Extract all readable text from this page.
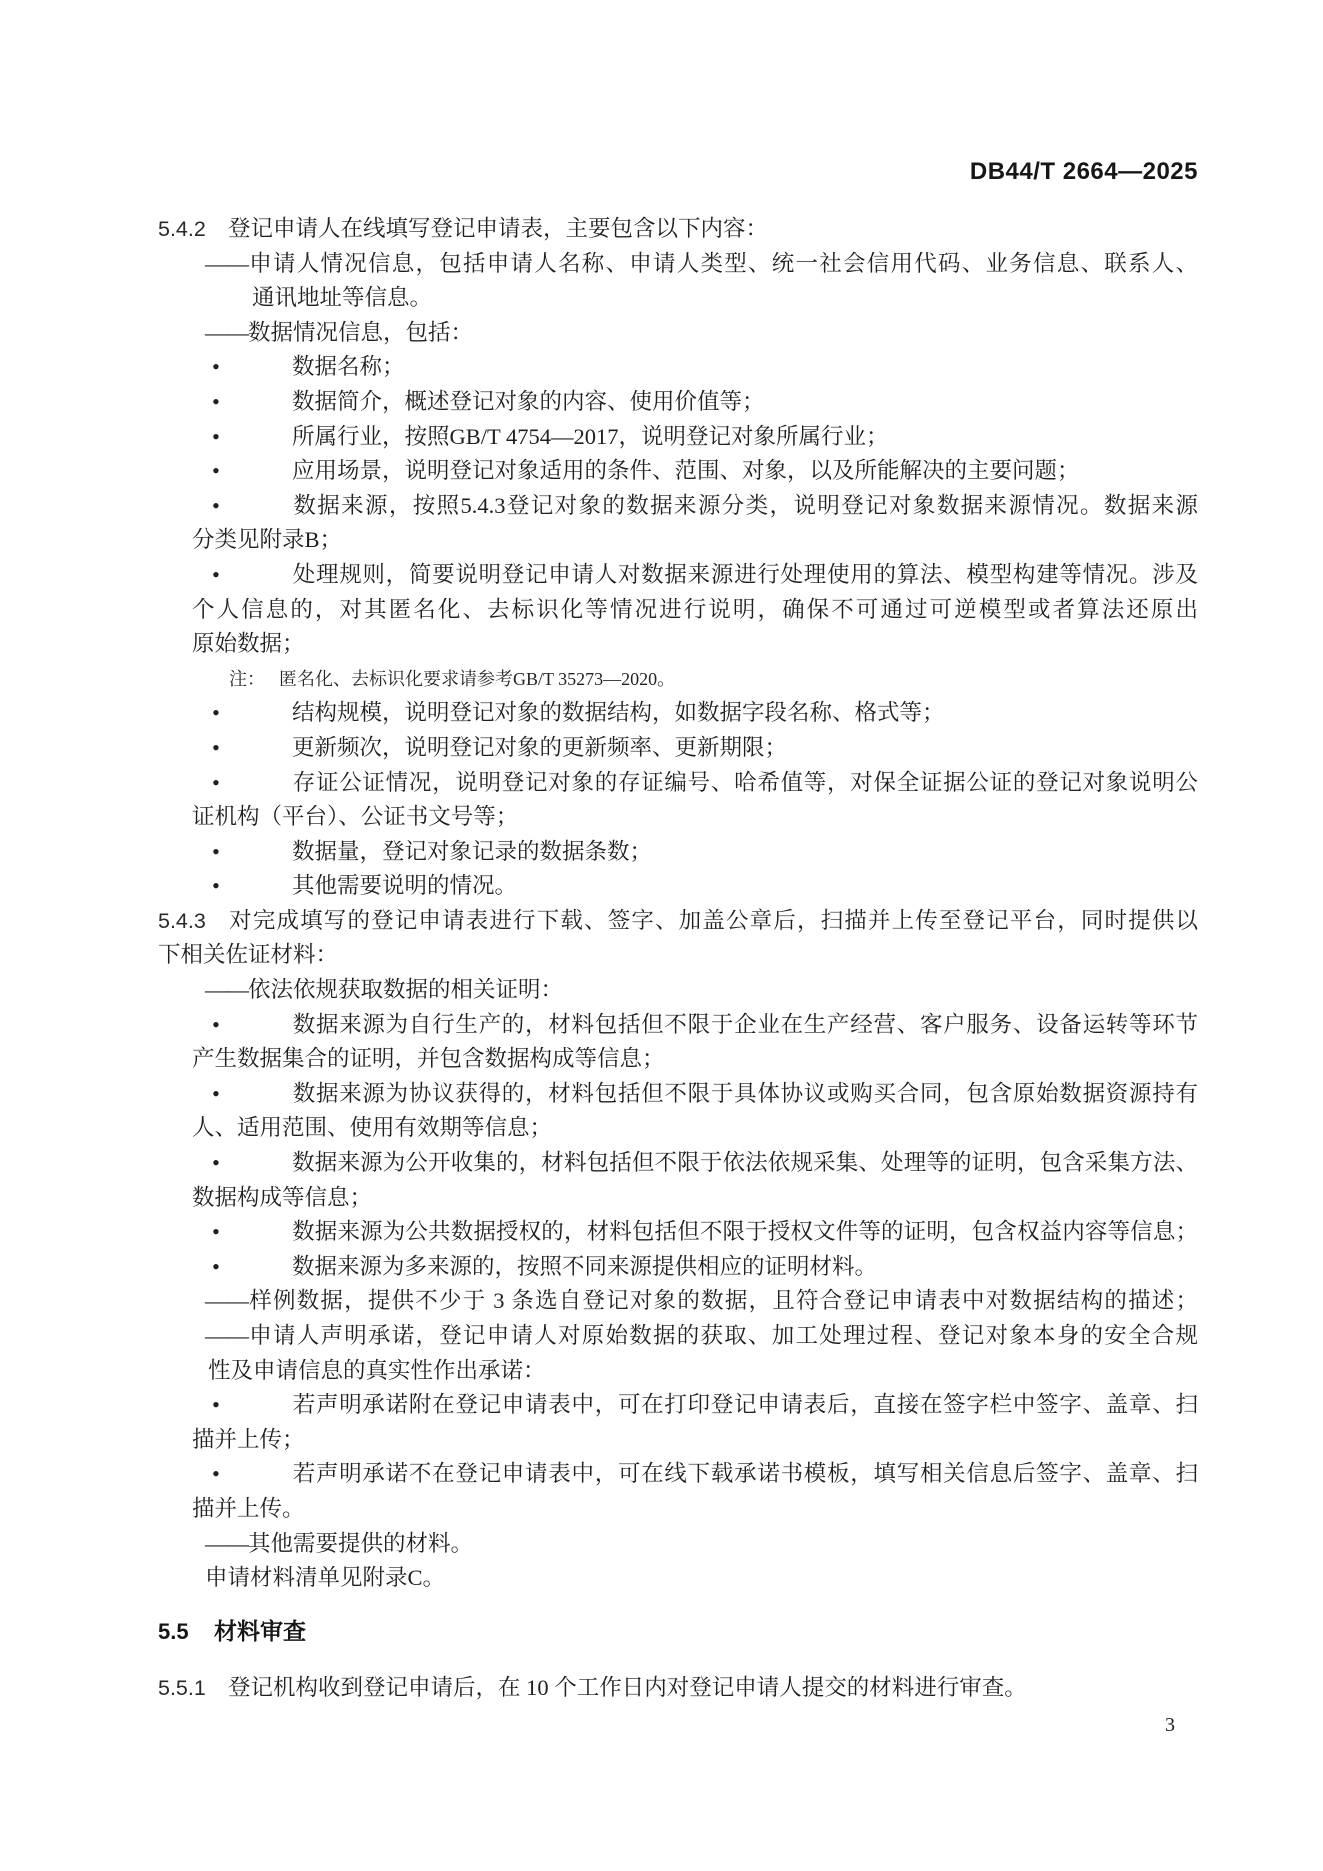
DB44/T 2664—2025
5.4.2 登记申请人在线填写登记申请表，主要包含以下内容：
——申请人情况信息，包括申请人名称、申请人类型、统一社会信用代码、业务信息、联系人、
通讯地址等信息。
——数据情况信息，包括：
•	数据名称；
•	数据简介，概述登记对象的内容、使用价值等；
•	所属行业，按照GB/T 4754—2017，说明登记对象所属行业；
•	应用场景，说明登记对象适用的条件、范围、对象，以及所能解决的主要问题；
•	数据来源，按照5.4.3登记对象的数据来源分类，说明登记对象数据来源情况。数据来源
分类见附录B；
•	处理规则，简要说明登记申请人对数据来源进行处理使用的算法、模型构建等情况。涉及
个人信息的，对其匿名化、去标识化等情况进行说明，确保不可通过可逆模型或者算法还原出
原始数据；
注： 匿名化、去标识化要求请参考GB/T 35273—2020。
•	结构规模，说明登记对象的数据结构，如数据字段名称、格式等；
•	更新频次，说明登记对象的更新频率、更新期限；
•	存证公证情况，说明登记对象的存证编号、哈希值等，对保全证据公证的登记对象说明公
证机构（平台）、公证书文号等；
•	数据量，登记对象记录的数据条数；
•	其他需要说明的情况。
5.4.3 对完成填写的登记申请表进行下载、签字、加盖公章后，扫描并上传至登记平台，同时提供以
下相关佐证材料：
——依法依规获取数据的相关证明：
•	数据来源为自行生产的，材料包括但不限于企业在生产经营、客户服务、设备运转等环节
产生数据集合的证明，并包含数据构成等信息；
•	数据来源为协议获得的，材料包括但不限于具体协议或购买合同，包含原始数据资源持有
人、适用范围、使用有效期等信息；
•	数据来源为公开收集的，材料包括但不限于依法依规采集、处理等的证明，包含采集方法、
数据构成等信息；
•	数据来源为公共数据授权的，材料包括但不限于授权文件等的证明，包含权益内容等信息；
•	数据来源为多来源的，按照不同来源提供相应的证明材料。
——样例数据，提供不少于 3 条选自登记对象的数据，且符合登记申请表中对数据结构的描述；
——申请人声明承诺，登记申请人对原始数据的获取、加工处理过程、登记对象本身的安全合规
性及申请信息的真实性作出承诺：
•	若声明承诺附在登记申请表中，可在打印登记申请表后，直接在签字栏中签字、盖章、扫
描并上传；
•	若声明承诺不在登记申请表中，可在线下载承诺书模板，填写相关信息后签字、盖章、扫
描并上传。
——其他需要提供的材料。
申请材料清单见附录C。
5.5 材料审查
5.5.1 登记机构收到登记申请后，在 10 个工作日内对登记申请人提交的材料进行审查。
3
